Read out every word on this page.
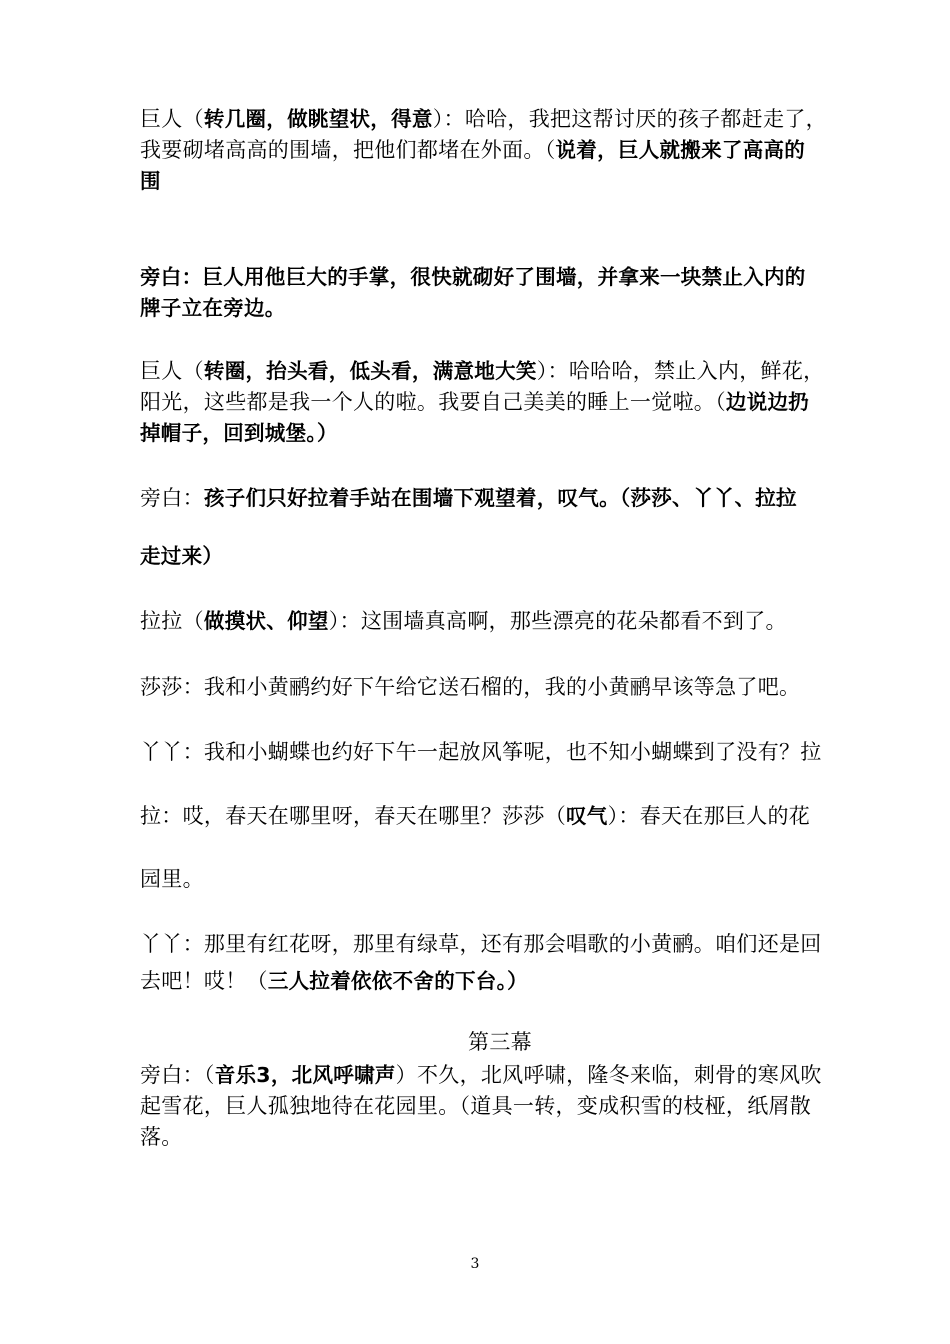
巨人（转几圈，做眺望状，得意）：哈哈，我把这帮讨厌的孩子都赶走了，
我要砌堵高高的围墙，把他们都堵在外面。（说着，巨人就搬来了高高的
围
旁白：巨人用他巨大的手掌，很快就砌好了围墙，并拿来一块禁止入内的
牌子立在旁边。
巨人（转圈，抬头看，低头看，满意地大笑）：哈哈哈，禁止入内，鲜花，
阳光，这些都是我一个人的啦。我要自己美美的睡上一觉啦。（边说边扔
掉帽子，回到城堡。）
旁白：孩子们只好拉着手站在围墙下观望着，叹气。（莎莎、丫丫、拉拉
走过来）
拉拉（做摸状、仰望）：这围墙真高啊，那些漂亮的花朵都看不到了。
莎莎：我和小黄鹂约好下午给它送石榴的，我的小黄鹂早该等急了吧。
丫丫：我和小蝴蝶也约好下午一起放风筝呢，也不知小蝴蝶到了没有？拉
拉：哎，春天在哪里呀，春天在哪里？莎莎（叹气）：春天在那巨人的花
园里。
丫丫：那里有红花呀，那里有绿草，还有那会唱歌的小黄鹂。咱们还是回
去吧！哎！（三人拉着依依不舍的下台。）
第三幕
旁白：（音乐3，北风呼啸声）不久，北风呼啸，隆冬来临，刺骨的寒风吹
起雪花，巨人孤独地待在花园里。（道具一转，变成积雪的枝桠，纸屑散
落。
3
